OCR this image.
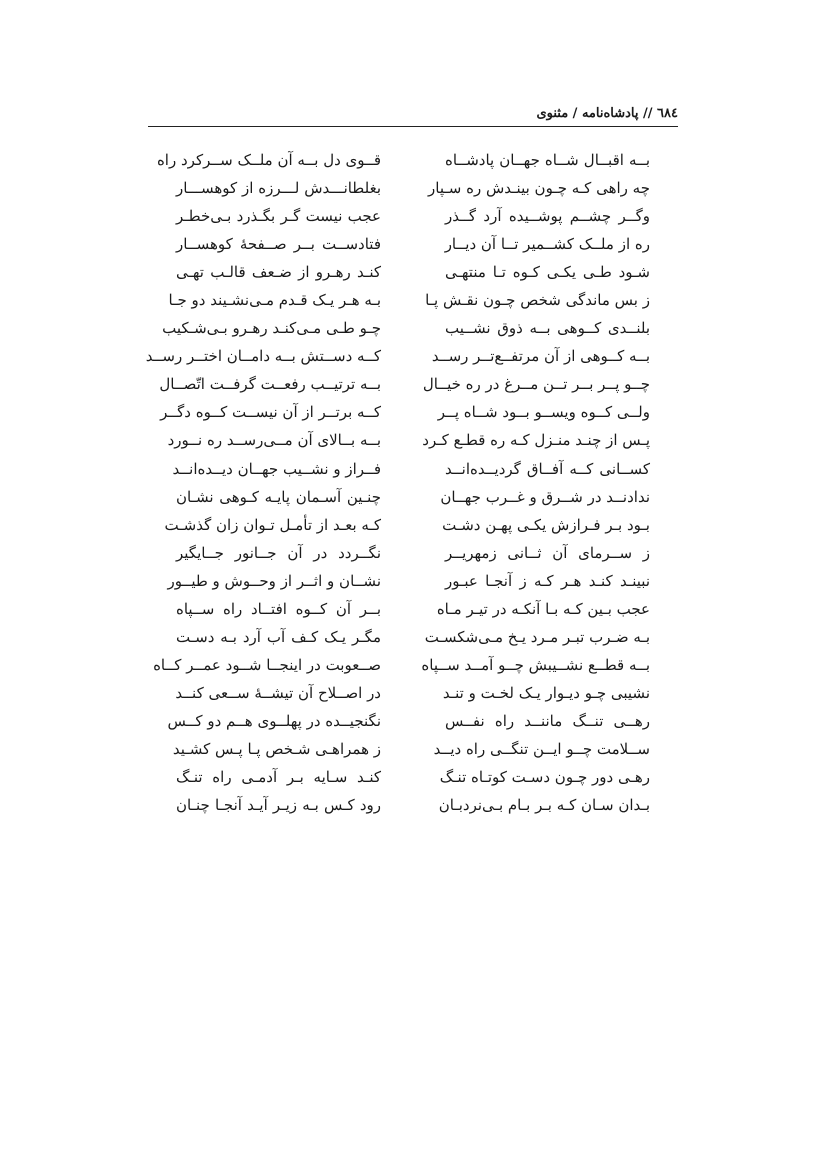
٦٨٤ // پادشاه‌نامه / مثنوی
بــه اقبــال شــاه جهــان پادشــاه
قــوی دل بــه آن ملــک ســرکرد راه
چه راهی کـه چـون بینـدش ره سـپار
بغلطانـــدش لـــرزه از کوهســـار
وگــر چشــم پوشــیده آرد گــذر
عجب نیست گـر بگـذرد بـی‌خطـر
ره از ملــک کشــمیر تــا آن دیــار
فتادســت بــر صــفحهٔ کوهســار
شـود طـی یکـی کـوه تـا منتهـی
کنـد رهـرو از ضـعف قالـب تهـی
ز بس ماندگی شخص چـون نقـش پـا
بـه هـر یـک قـدم مـی‌نشـیند دو جـا
بلنــدی کــوهی بــه ذوق نشــیب
چـو طـی مـی‌کنـد رهـرو بـی‌شـکیب
بــه کــوهی از آن مرتفــع‌تــر رســد
کــه دســتش بــه دامــان اختــر رســد
چــو پــر بــر تــن مــرغ در ره خیــال
بــه ترتیــب رفعــت گرفــت اتّصــال
ولــی کــوه ویســو بــود شــاه پــر
کــه برتــر از آن نیســت کــوه دگــر
پـس از چنـد منـزل کـه ره قطـع کـرد
بــه بــالای آن مــی‌رســد ره نــورد
کســانی کــه آفــاق گردیــده‌انــد
فــراز و نشــیب جهــان دیــده‌انــد
ندادنــد در شــرق و غــرب جهــان
چنـین آسـمان پایـه کـوهی نشـان
بـود بـر فـرازش یکـی پهـن دشـت
کـه بعـد از تأمـل تـوان زان گذشـت
ز ســرمای آن ثــانی زمهریــر
نگــردد در آن جــانور جــایگیر
نبینـد کنـد هـر کـه ز آنجـا عبـور
نشــان و اثــر از وحــوش و طیــور
عجب بـین کـه بـا آنکـه در تیـر مـاه
بــر آن کــوه افتــاد راه ســپاه
بـه ضـرب تبـر مـرد یـخ مـی‌شکسـت
مگـر یـک کـف آب آرد بـه دسـت
بــه قطــع نشــیبش چــو آمــد ســپاه
صــعوبت در اینجــا شــود عمــر کــاه
نشیبی چـو دیـوار یـک لخـت و تنـد
در اصــلاح آن تیشــهٔ ســعی کنــد
رهــی تنــگ ماننــد راه نفــس
نگنجیــده در پهلــوی هــم دو کــس
ســلامت چــو ایــن تنگــی راه دیــد
ز همراهـی شـخص پـا پـس کشـید
رهـی دور چـون دسـت کوتـاه تنـگ
کنـد سـایه بـر آدمـی راه تنـگ
بـدان سـان کـه بـر بـام بـی‌نردبـان
رود کـس بـه زیـر آیـد آنجـا چنـان
